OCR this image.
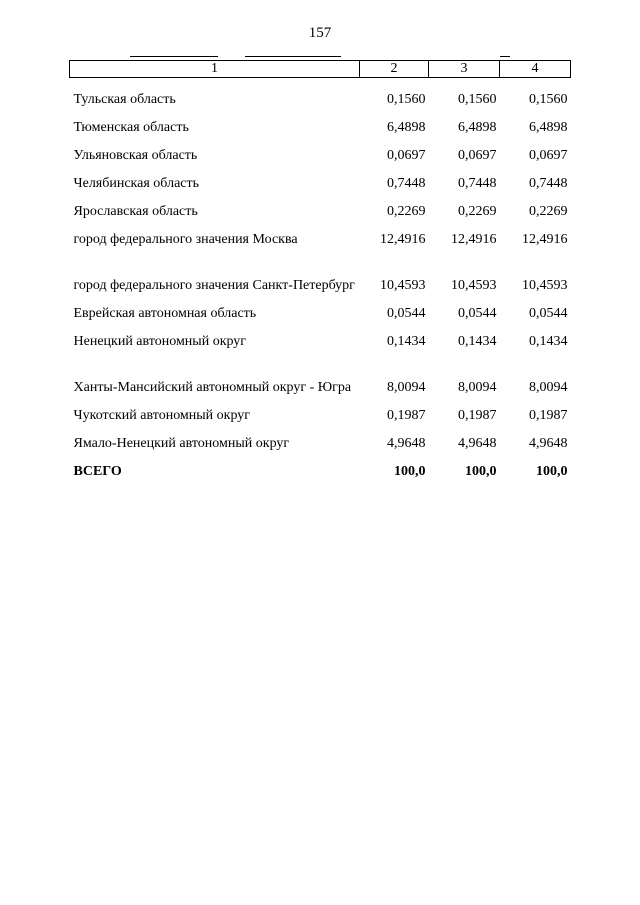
157
1	2	3	4
Тульская область	0,1560	0,1560	0,1560
Тюменская область	6,4898	6,4898	6,4898
Ульяновская область	0,0697	0,0697	0,0697
Челябинская область	0,7448	0,7448	0,7448
Ярославская область	0,2269	0,2269	0,2269
город федерального значения Москва	12,4916	12,4916	12,4916
город федерального значения Санкт-Петербург	10,4593	10,4593	10,4593
Еврейская автономная область	0,0544	0,0544	0,0544
Ненецкий автономный округ	0,1434	0,1434	0,1434
Ханты-Мансийский автономный округ - Югра	8,0094	8,0094	8,0094
Чукотский автономный округ	0,1987	0,1987	0,1987
Ямало-Ненецкий автономный округ	4,9648	4,9648	4,9648
ВСЕГО	100,0	100,0	100,0
